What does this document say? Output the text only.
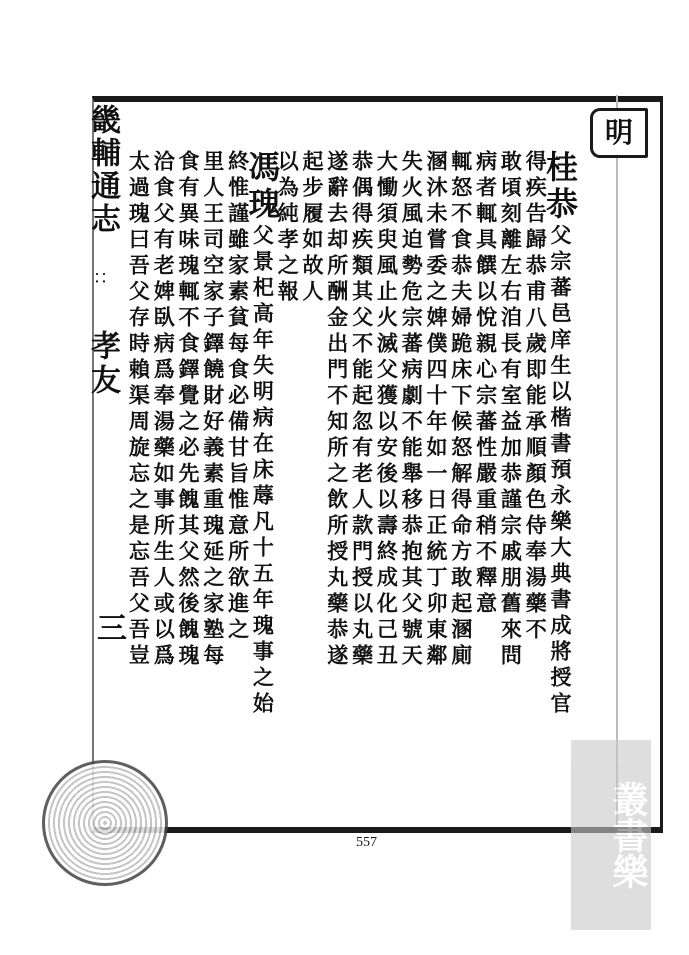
明
畿輔通志
∷
孝友
三
桂恭父宗蕃邑庠生以楷書預永樂大典書成將授官
得疾告歸恭甫八歲即能承順顏色侍奉湯藥不
敢頃刻離左右洎長有室益加恭謹宗戚朋舊來問
病者輒具饌以悅親心宗蕃性嚴重稍不釋意
輒怒不食恭夫婦跪床下候怒解得命方敢起溷廁
溷沐未嘗委之婢僕四十年如一日正統丁卯東鄰
失火風迫勢危宗蕃病劇不能舉移恭抱其父號天
大慟須臾風止火滅父獲以安後以壽終成化己丑
恭偶得疾類其父不能起忽有老人款門授以丸藥
遂辭去却所酬金出門不知所之飲所授丸藥恭遂
起步履如故人
以為純孝之報
馮瑰父景𣏌高年失明病在床蓐凡十五年瑰事之始
終惟謹雖家素貧每食必備甘旨惟意所欲進之
里人王司空家子鐸饒財好義素重瑰延之家塾每
食有異味瑰輒不食鐸覺之必先餽其父然後餽瑰
洽食父有老婢臥病爲奉湯藥如事所生人或以爲
太過瑰曰吾父存時賴渠周旋忘之是忘吾父吾豈
557	叢書樂
